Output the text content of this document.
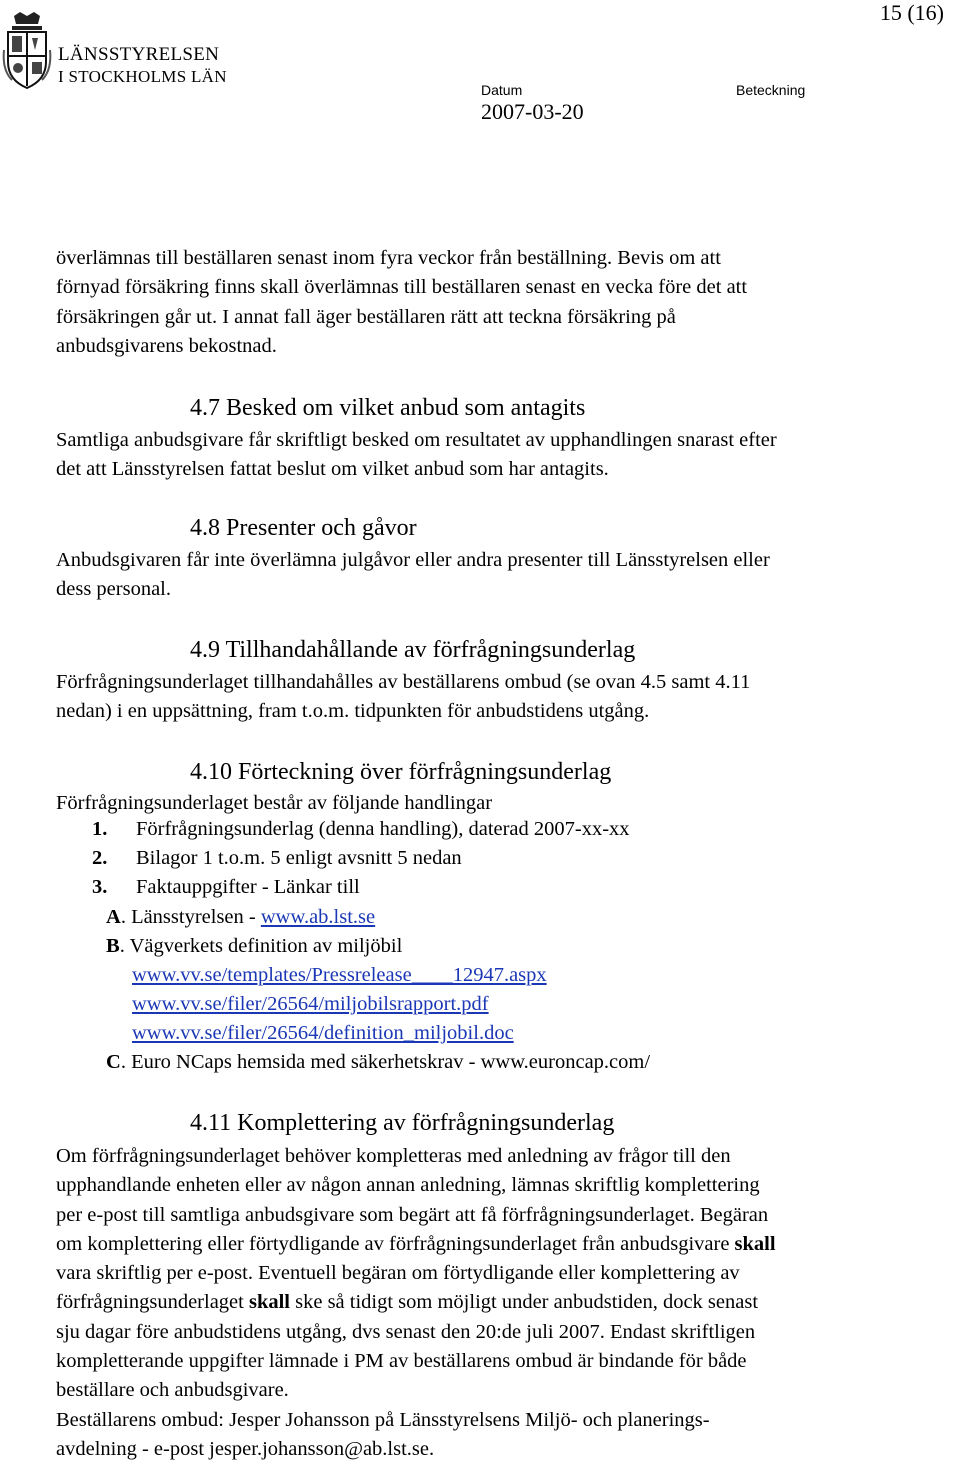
LÄNSSTYRELSEN
I STOCKHOLMS LÄN
15 (16)
Datum	Beteckning
2007-03-20
överlämnas till beställaren senast inom fyra veckor från beställning. Bevis om att
förnyad försäkring finns skall överlämnas till beställaren senast en vecka före det att
försäkringen går ut. I annat fall äger beställaren rätt att teckna försäkring på
anbudsgivarens bekostnad.
4.7 Besked om vilket anbud som antagits
Samtliga anbudsgivare får skriftligt besked om resultatet av upphandlingen snarast efter
det att Länsstyrelsen fattat beslut om vilket anbud som har antagits.
4.8 Presenter och gåvor
Anbudsgivaren får inte överlämna julgåvor eller andra presenter till Länsstyrelsen eller
dess personal.
4.9 Tillhandahållande av förfrågningsunderlag
Förfrågningsunderlaget tillhandahålles av beställarens ombud (se ovan 4.5 samt 4.11
nedan) i en uppsättning, fram t.o.m. tidpunkten för anbudstidens utgång.
4.10 Förteckning över förfrågningsunderlag
Förfrågningsunderlaget består av följande handlingar
1. Förfrågningsunderlag (denna handling), daterad 2007-xx-xx
2. Bilagor 1 t.o.m. 5 enligt avsnitt 5 nedan
3. Faktauppgifter - Länkar till
A. Länsstyrelsen - www.ab.lst.se
B. Vägverkets definition av miljöbil
www.vv.se/templates/Pressrelease____12947.aspx
www.vv.se/filer/26564/miljobilsrapport.pdf
www.vv.se/filer/26564/definition_miljobil.doc
C. Euro NCaps hemsida med säkerhetskrav - www.euroncap.com/
4.11 Komplettering av förfrågningsunderlag
Om förfrågningsunderlaget behöver kompletteras med anledning av frågor till den
upphandlande enheten eller av någon annan anledning, lämnas skriftlig komplettering
per e-post till samtliga anbudsgivare som begärt att få förfrågningsunderlaget. Begäran
om komplettering eller förtydligande av förfrågningsunderlaget från anbudsgivare skall
vara skriftlig per e-post. Eventuell begäran om förtydligande eller komplettering av
förfrågningsunderlaget skall ske så tidigt som möjligt under anbudstiden, dock senast
sju dagar före anbudstidens utgång, dvs senast den 20:de juli 2007. Endast skriftligen
kompletterande uppgifter lämnade i PM av beställarens ombud är bindande för både
beställare och anbudsgivare.
Beställarens ombud: Jesper Johansson på Länsstyrelsens Miljö- och planerings-
avdelning - e-post jesper.johansson@ab.lst.se.
